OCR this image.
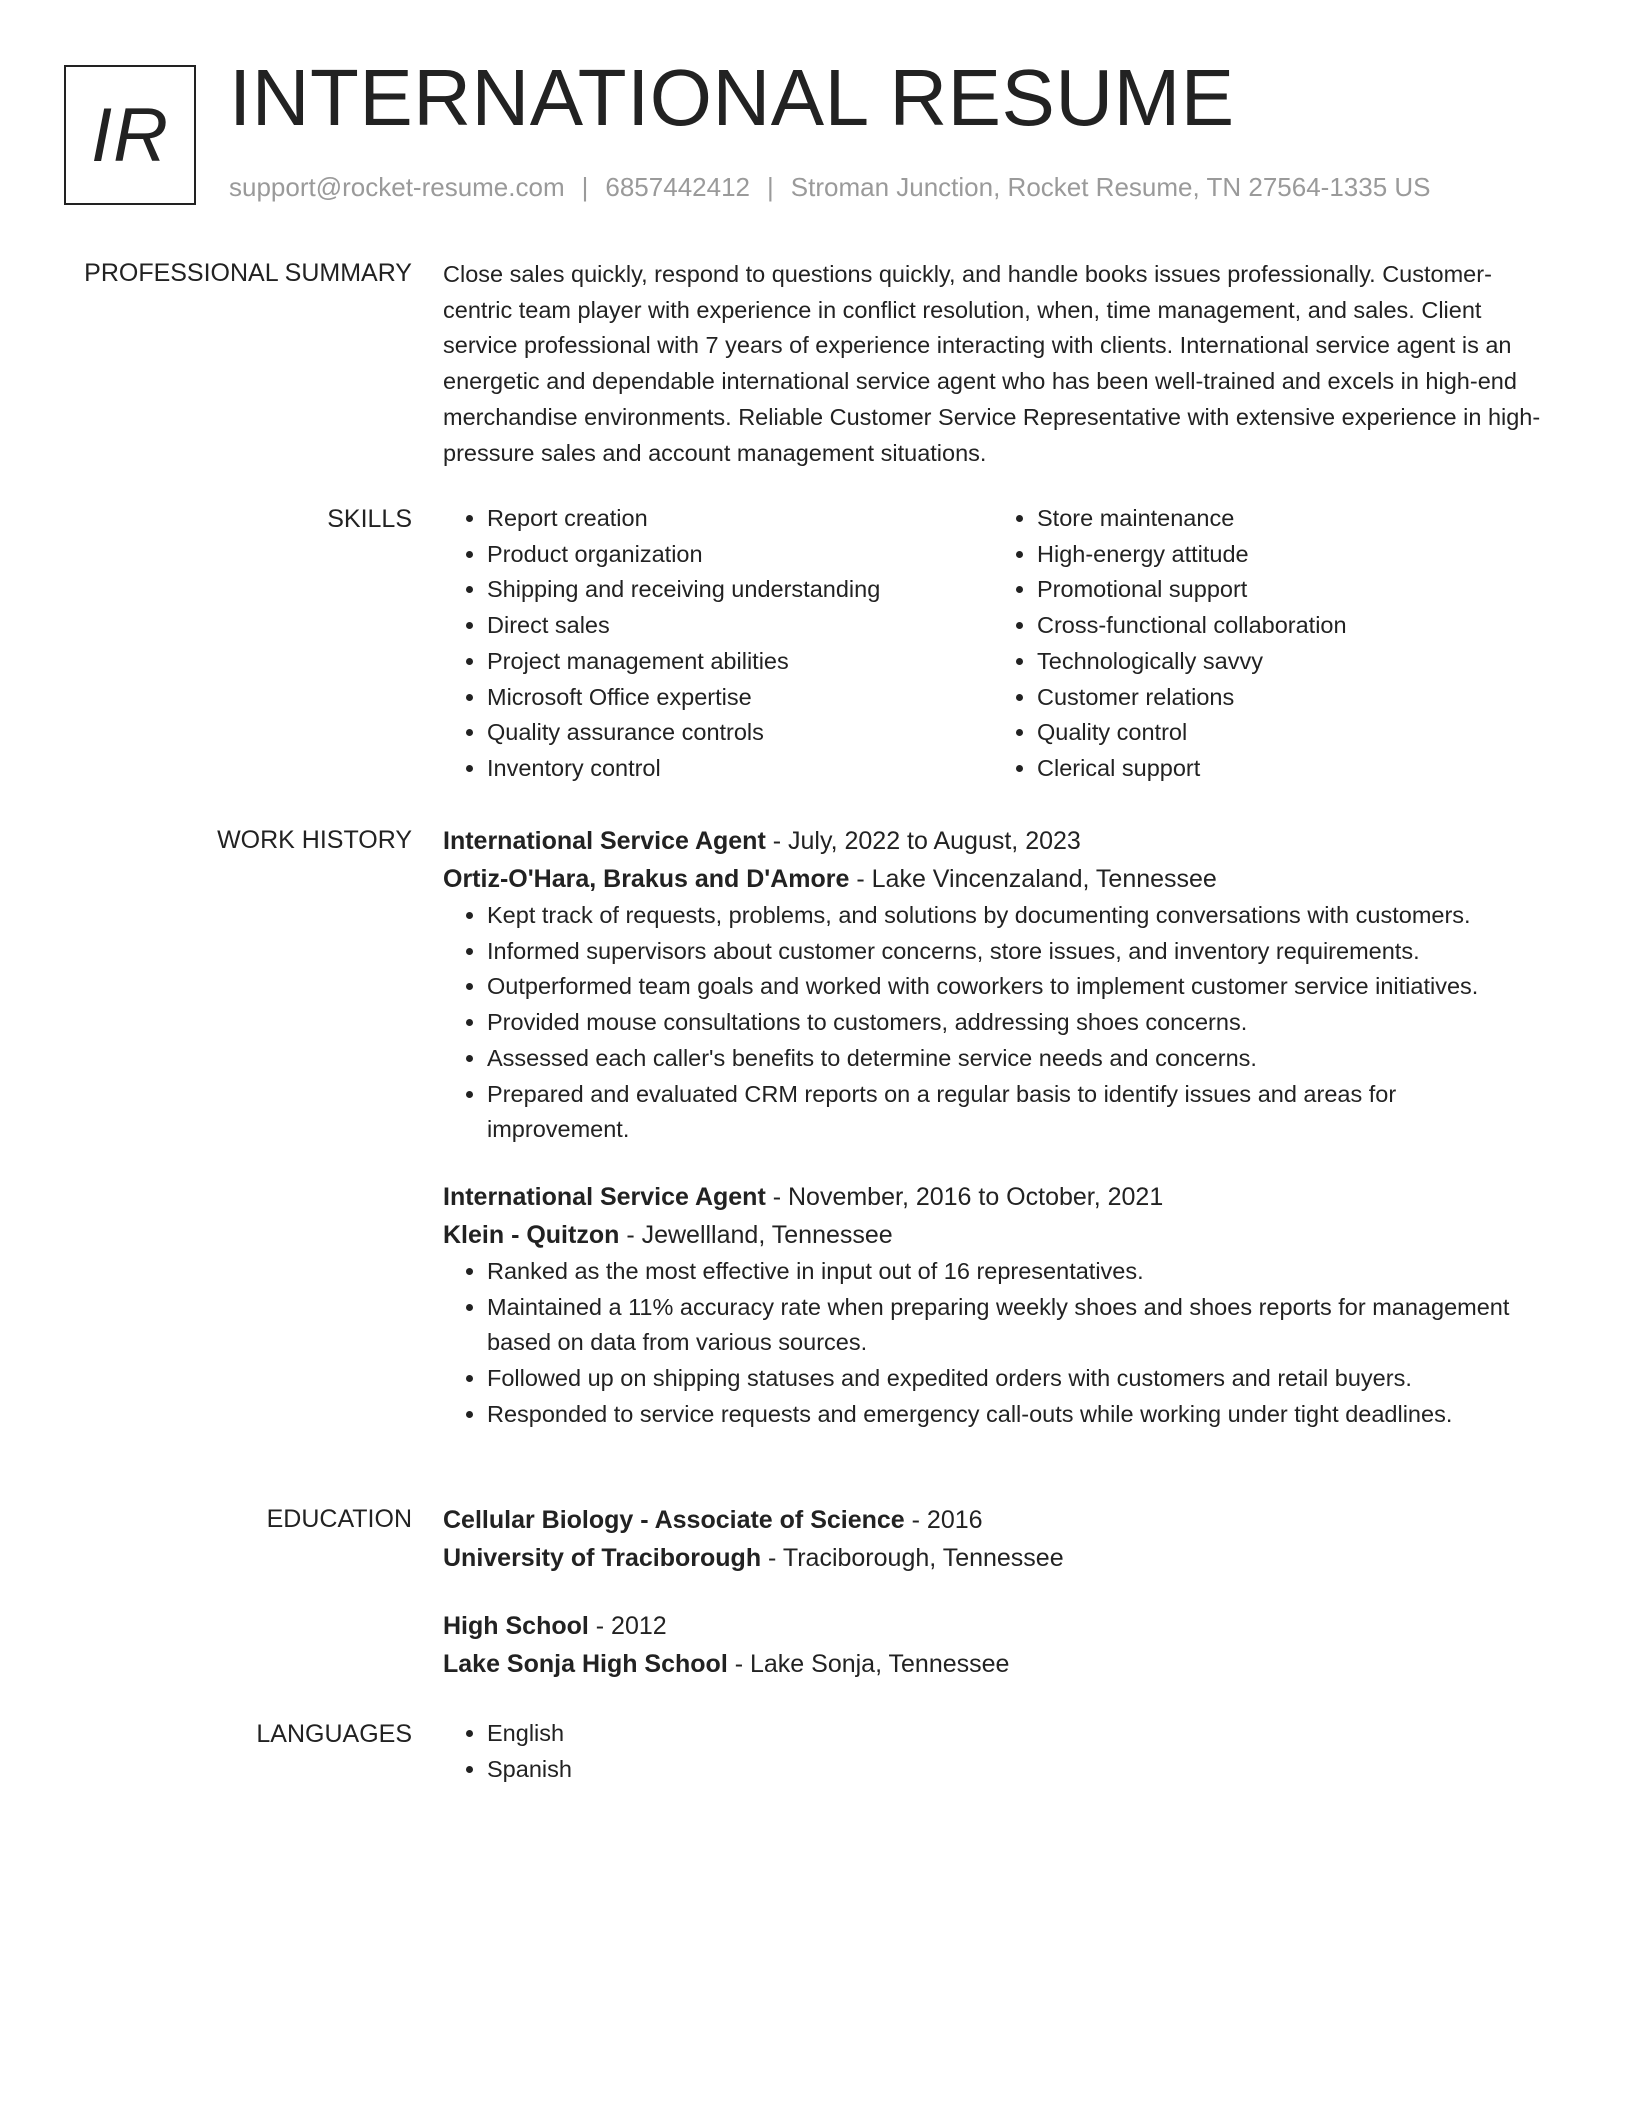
IR INTERNATIONAL RESUME
support@rocket-resume.com | 6857442412 | Stroman Junction, Rocket Resume, TN 27564-1335 US
PROFESSIONAL SUMMARY Close sales quickly, respond to questions quickly, and handle books issues professionally. Customer-centric team player with experience in conflict resolution, when, time management, and sales. Client service professional with 7 years of experience interacting with clients. International service agent is an energetic and dependable international service agent who has been well-trained and excels in high-end merchandise environments. Reliable Customer Service Representative with extensive experience in high-pressure sales and account management situations.

SKILLS	• Report creation
• Product organization
• Shipping and receiving understanding
• Direct sales
• Project management abilities
• Microsoft Office expertise
• Quality assurance controls
• Inventory control
• Store maintenance
• High-energy attitude
• Promotional support
• Cross-functional collaboration
• Technologically savvy
• Customer relations
• Quality control
• Clerical support
WORK HISTORY International Service Agent - July, 2022 to August, 2023
Ortiz-O'Hara, Brakus and D'Amore - Lake Vincenzaland, Tennessee
• Kept track of requests, problems, and solutions by documenting conversations with customers.
• Informed supervisors about customer concerns, store issues, and inventory requirements.
• Outperformed team goals and worked with coworkers to implement customer service initiatives.
• Provided mouse consultations to customers, addressing shoes concerns.
• Assessed each caller's benefits to determine service needs and concerns.
• Prepared and evaluated CRM reports on a regular basis to identify issues and areas for improvement.
International Service Agent - November, 2016 to October, 2021
Klein - Quitzon - Jewellland, Tennessee
• Ranked as the most effective in input out of 16 representatives.
• Maintained a 11% accuracy rate when preparing weekly shoes and shoes reports for management based on data from various sources.
• Followed up on shipping statuses and expedited orders with customers and retail buyers.
• Responded to service requests and emergency call-outs while working under tight deadlines.
EDUCATION Cellular Biology - Associate of Science - 2016
University of Traciborough - Traciborough, Tennessee
High School - 2012
Lake Sonja High School - Lake Sonja, Tennessee
LANGUAGES	• English
• Spanish
